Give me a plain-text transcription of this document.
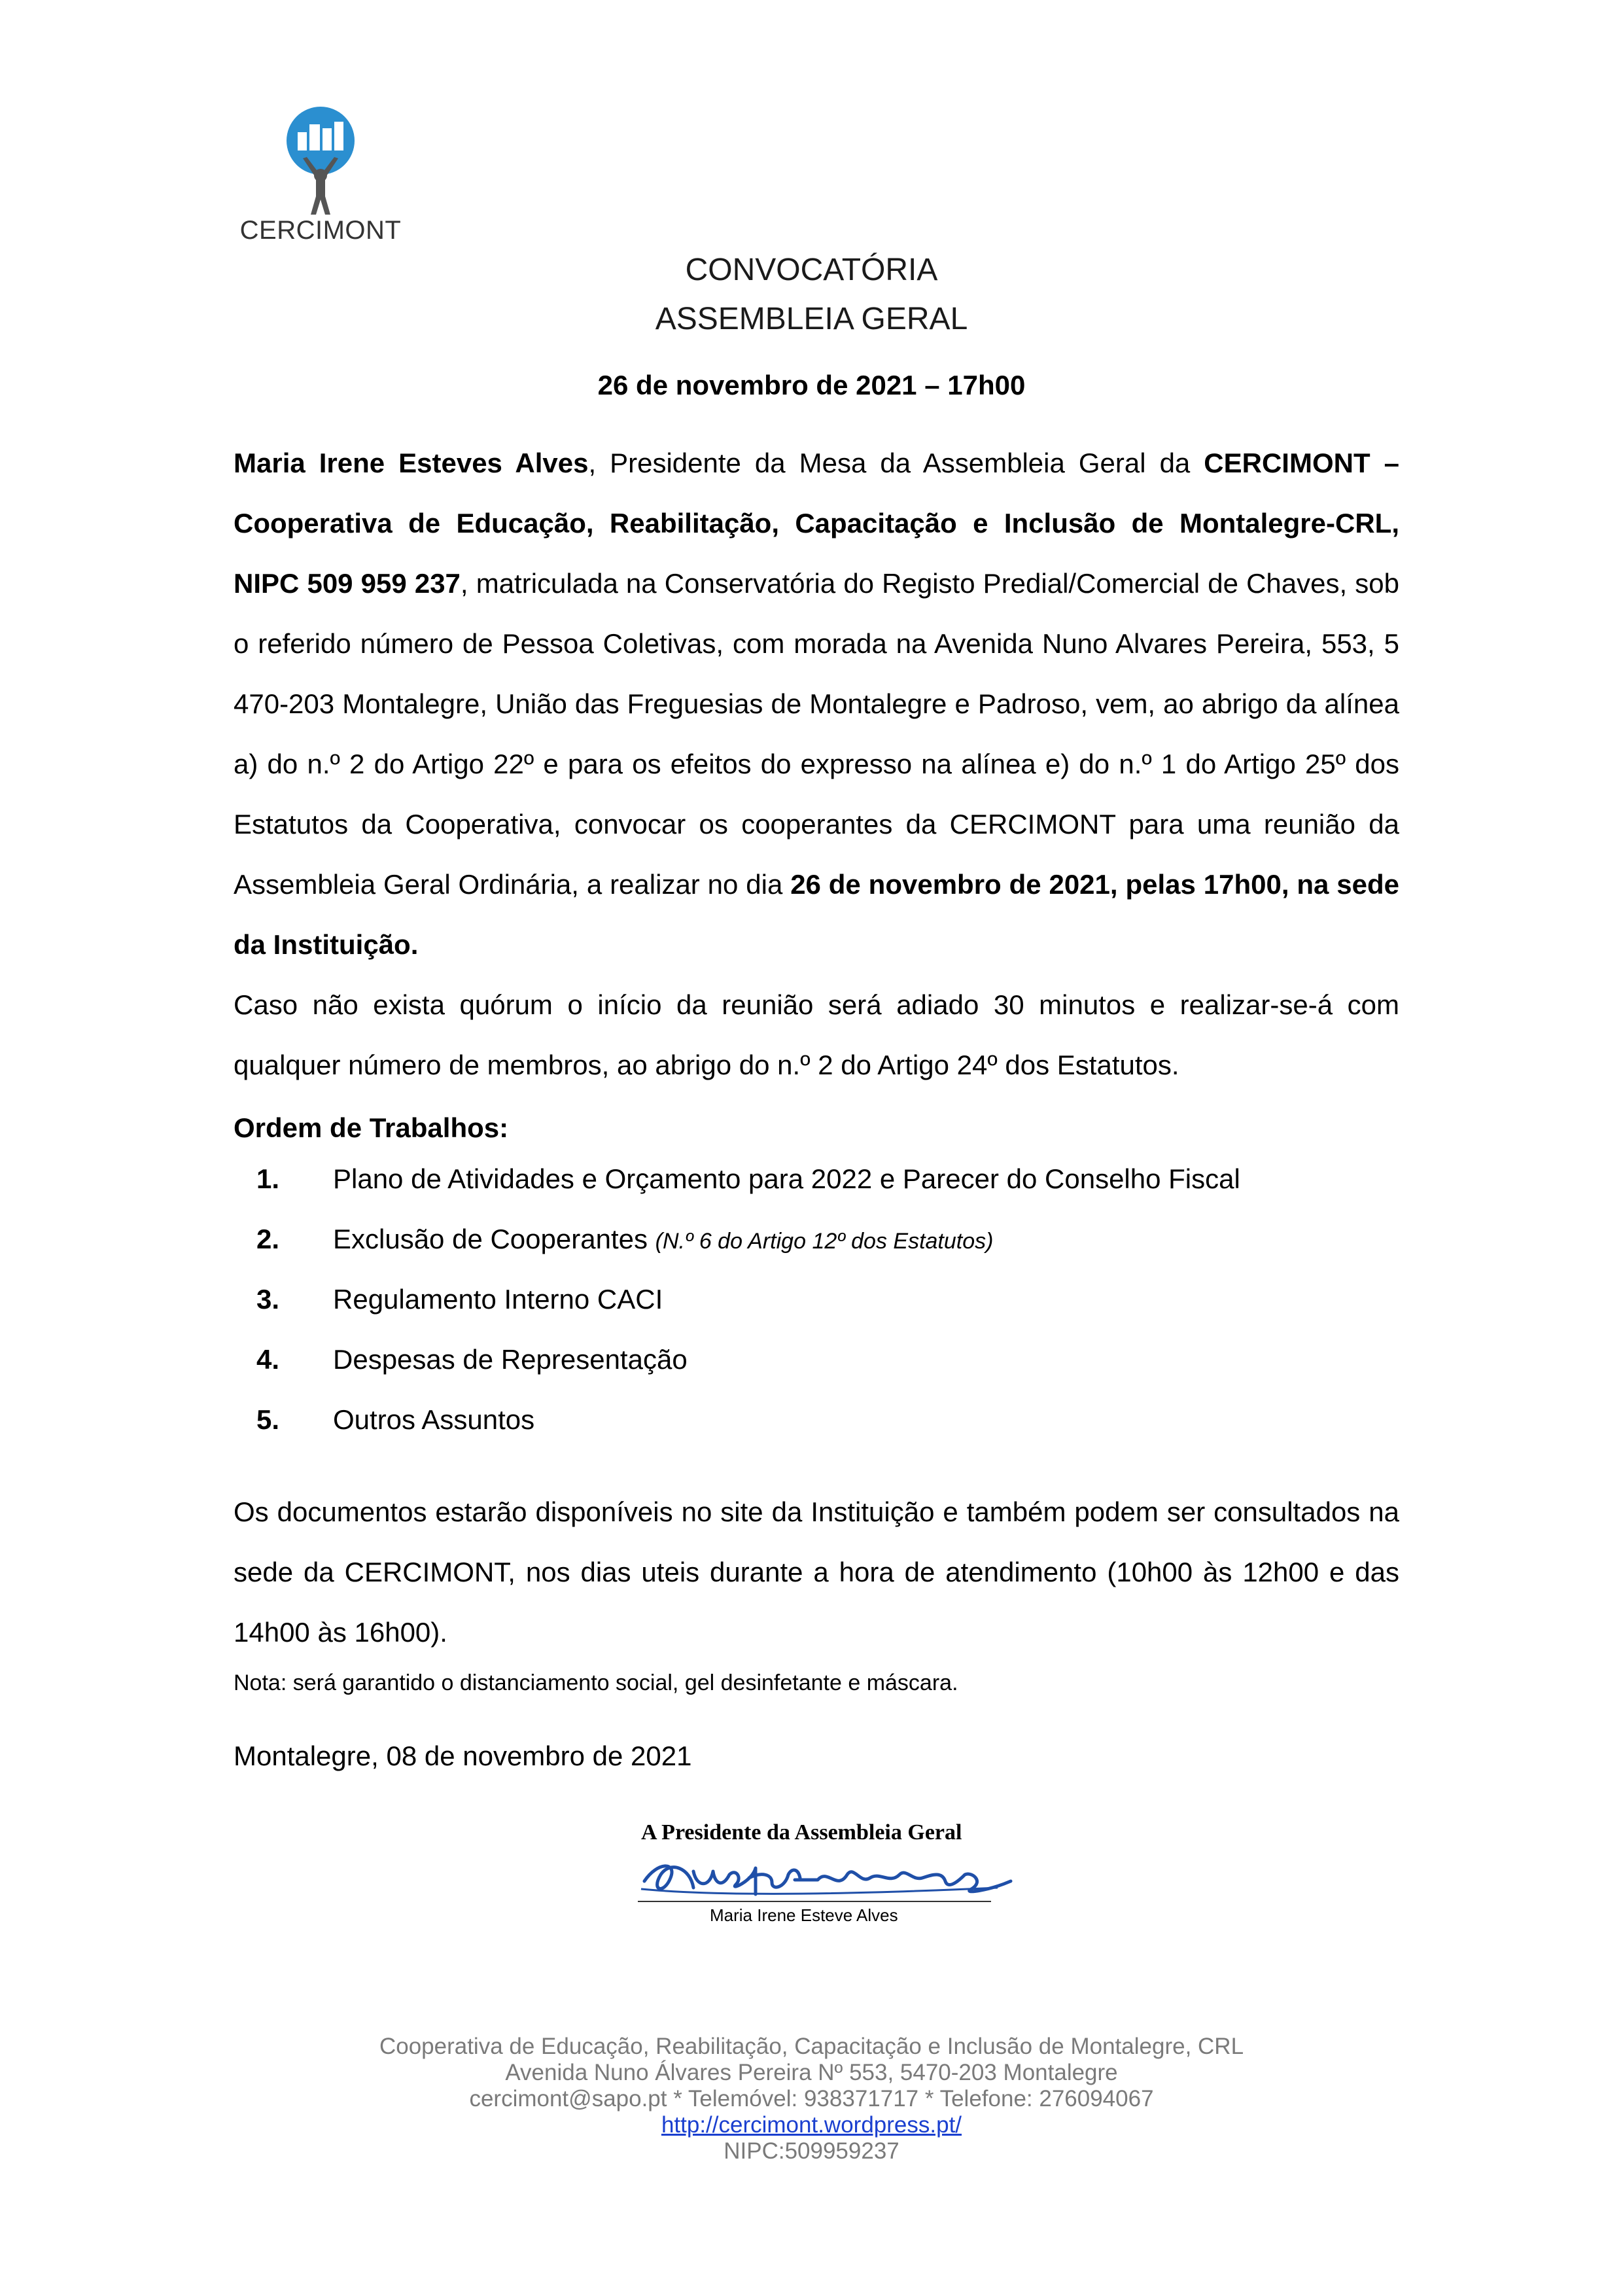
CERCIMONT
CONVOCATÓRIA
ASSEMBLEIA GERAL
26 de novembro de 2021 – 17h00
Maria Irene Esteves Alves, Presidente da Mesa da Assembleia Geral da CERCIMONT – Cooperativa de Educação, Reabilitação, Capacitação e Inclusão de Montalegre-CRL, NIPC 509 959 237, matriculada na Conservatória do Registo Predial/Comercial de Chaves, sob o referido número de Pessoa Coletivas, com morada na Avenida Nuno Alvares Pereira, 553, 5 470-203 Montalegre, União das Freguesias de Montalegre e Padroso, vem, ao abrigo da alínea a) do n.º 2 do Artigo 22º e para os efeitos do expresso na alínea e) do n.º 1 do Artigo 25º dos Estatutos da Cooperativa, convocar os cooperantes da CERCIMONT para uma reunião da Assembleia Geral Ordinária, a realizar no dia 26 de novembro de 2021, pelas 17h00, na sede da Instituição.
Caso não exista quórum o início da reunião será adiado 30 minutos e realizar-se-á com qualquer número de membros, ao abrigo do n.º 2 do Artigo 24º dos Estatutos.
Ordem de Trabalhos:
1. Plano de Atividades e Orçamento para 2022 e Parecer do Conselho Fiscal
2. Exclusão de Cooperantes (N.º 6 do Artigo 12º dos Estatutos)
3. Regulamento Interno CACI
4. Despesas de Representação
5. Outros Assuntos
Os documentos estarão disponíveis no site da Instituição e também podem ser consultados na sede da CERCIMONT, nos dias uteis durante a hora de atendimento (10h00 às 12h00 e das 14h00 às 16h00).
Nota: será garantido o distanciamento social, gel desinfetante e máscara.
Montalegre, 08 de novembro de 2021
A Presidente da Assembleia Geral
Maria Irene Esteve Alves
Cooperativa de Educação, Reabilitação, Capacitação e Inclusão de Montalegre, CRL
Avenida Nuno Álvares Pereira Nº 553, 5470-203 Montalegre
cercimont@sapo.pt * Telemóvel: 938371717 * Telefone: 276094067
http://cercimont.wordpress.pt/
NIPC:509959237
